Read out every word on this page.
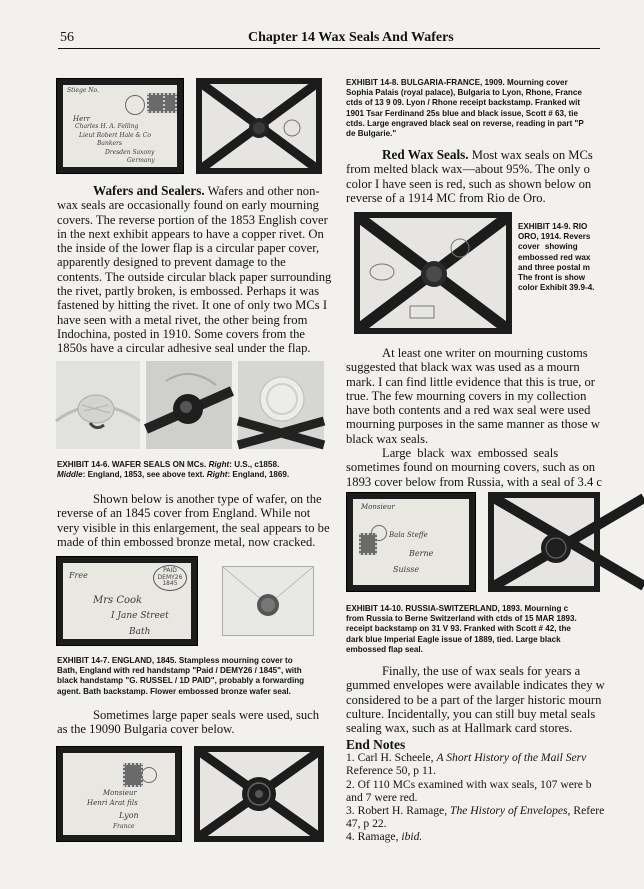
56	Chapter 14 Wax Seals And Wafers
Stiege No.
Herr
Charles H. A. Felling
Lieut Robert Hale & Co
Bankers
Dresden Saxony
Germany

Wafers and Sealers. Wafers and other non-

wax seals are occasionally found on early mourning

covers. The reverse portion of the 1853 English cover

in the next exhibit appears to have a copper rivet. On

the inside of the lower flap is a circular paper cover,

apparently designed to prevent damage to the

contents. The outside circular black paper surrounding

the rivet, partly broken, is embossed. Perhaps it was

fastened by hitting the rivet. It one of only two MCs I

have seen with a metal rivet, the other being from

Indochina, posted in 1910. Some covers from the

1850s have a circular adhesive seal under the flap.

EXHIBIT 14-6. WAFER SEALS ON MCs. Right: U.S., c1858.

Middle: England, 1853, see above text. Right: England, 1869.

Shown below is another type of wafer, on the

reverse of an 1845 cover from England. While not

very visible in this enlargement, the seal appears to be

made of thin embossed bronze metal, now cracked.

Free
Mrs Cook
I Jane Street
Bath
PAID
DEMY26
1845

EXHIBIT 14-7. ENGLAND, 1845. Stampless mourning cover to

Bath, England with red handstamp "Paid / DEMY26 / 1845", with

black handstamp "G. RUSSEL / 1D PAID", probably a forwarding

agent. Bath backstamp. Flower embossed bronze wafer seal.

Sometimes large paper seals were used, such

as the 19090 Bulgaria cover below.

Monsieur
Henri Arat fils
Lyon
France

EXHIBIT 14-8. BULGARIA-FRANCE, 1909. Mourning cover

Sophia Palais (royal palace), Bulgaria to Lyon, Rhone, France

ctds of 13 9 09. Lyon / Rhone receipt backstamp. Franked wit

1901 Tsar Ferdinand 25s blue and black issue, Scott # 63, tie

ctds. Large engraved black seal on reverse, reading in part "P

de Bulgarie."

Red Wax Seals. Most wax seals on MCs

from melted black wax—about 95%. The only o

color I have seen is red, such as shown below on

reverse of a 1914 MC from Rio de Oro.

EXHIBIT 14-9. RIO

ORO, 1914. Revers

cover showing

embossed red wax

and three postal m

The front is show

color Exhibit 39.9-4.

At least one writer on mourning customs

suggested that black wax was used as a mourn

mark. I can find little evidence that this is true, or

true. The few mourning covers in my collection

have both contents and a red wax seal were used

mourning purposes in the same manner as those w

black wax seals.

Large black wax embossed seals

sometimes found on mourning covers, such as on

1893 cover below from Russia, with a seal of 3.4 c

Monsieur
Bala Steffe
Berne
Suisse

EXHIBIT 14-10. RUSSIA-SWITZERLAND, 1893. Mourning c

from Russia to Berne Switzerland with ctds of 15 MAR 1893.

receipt backstamp on 31 V 93. Franked with Scott # 42, the

dark blue Imperial Eagle issue of 1889, tied. Large black

embossed flap seal.

Finally, the use of wax seals for years a

gummed envelopes were available indicates they w

considered to be a part of the larger historic mourn

culture. Incidentally, you can still buy metal seals

sealing wax, such as at Hallmark card stores.

End Notes
1. Carl H. Scheele, A Short History of the Mail Serv
Reference 50, p 11.
2. Of 110 MCs examined with wax seals, 107 were b
and 7 were red.
3. Robert H. Ramage, The History of Envelopes, Refere
47, p 22.
4. Ramage, ibid.
